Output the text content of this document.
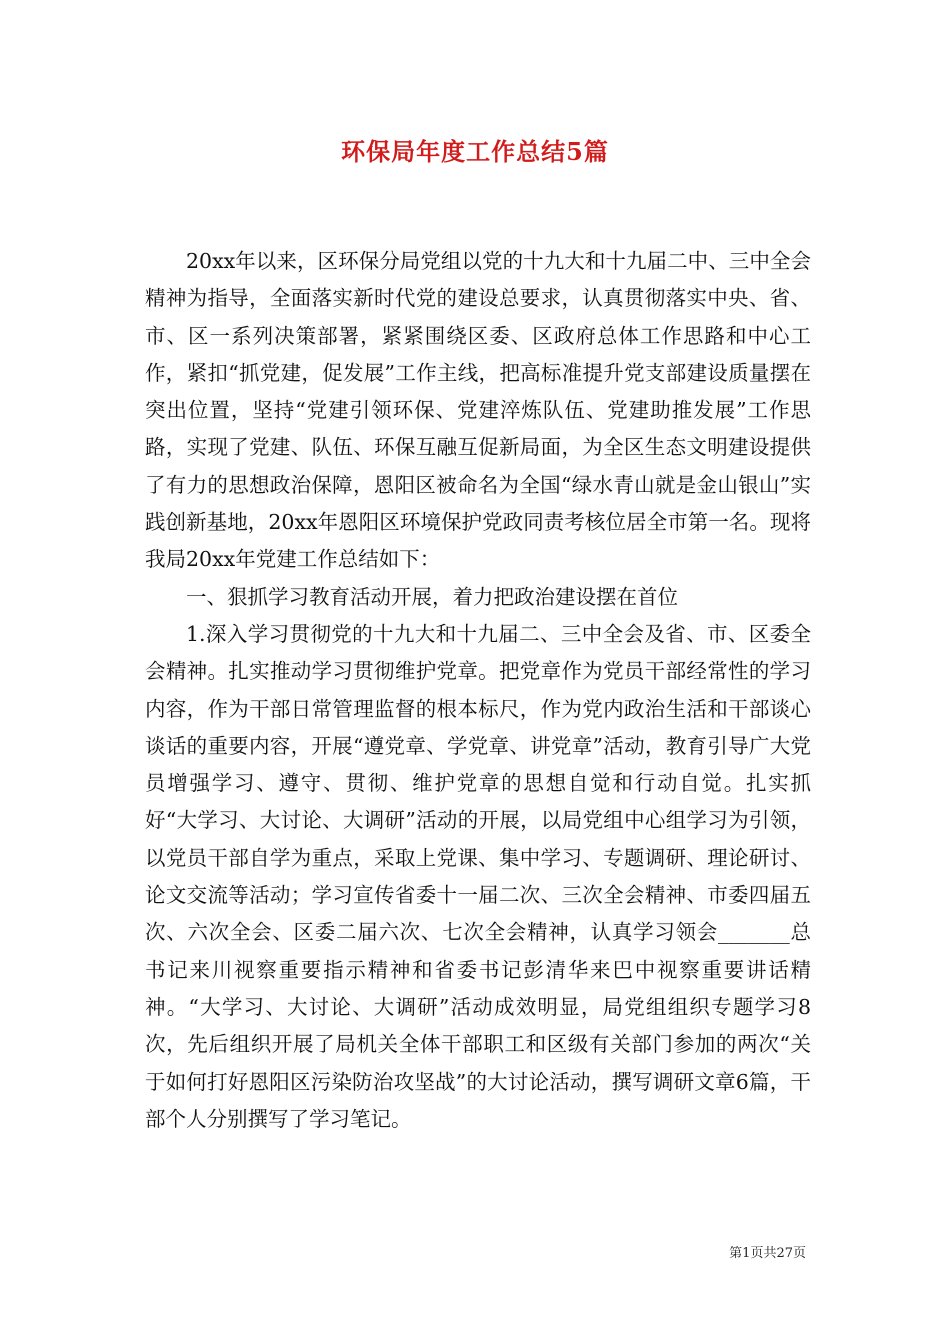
环保局年度工作总结5篇

20xx年以来，区环保分局党组以党的十九大和十九届二中、三中全会精神为指导，全面落实新时代党的建设总要求，认真贯彻落实中央、省、市、区一系列决策部署，紧紧围绕区委、区政府总体工作思路和中心工作，紧扣“抓党建，促发展”工作主线，把高标准提升党支部建设质量摆在突出位置，坚持“党建引领环保、党建淬炼队伍、党建助推发展”工作思路，实现了党建、队伍、环保互融互促新局面，为全区生态文明建设提供了有力的思想政治保障，恩阳区被命名为全国“绿水青山就是金山银山”实践创新基地，20xx年恩阳区环境保护党政同责考核位居全市第一名。现将我局20xx年党建工作总结如下：

一、狠抓学习教育活动开展，着力把政治建设摆在首位

1.深入学习贯彻党的十九大和十九届二、三中全会及省、市、区委全会精神。扎实推动学习贯彻维护党章。把党章作为党员干部经常性的学习内容，作为干部日常管理监督的根本标尺，作为党内政治生活和干部谈心谈话的重要内容，开展“遵党章、学党章、讲党章”活动，教育引导广大党员增强学习、遵守、贯彻、维护党章的思想自觉和行动自觉。扎实抓好“大学习、大讨论、大调研”活动的开展，以局党组中心组学习为引领，以党员干部自学为重点，采取上党课、集中学习、专题调研、理论研讨、论文交流等活动；学习宣传省委十一届二次、三次全会精神、市委四届五次、六次全会、区委二届六次、七次全会精神，认真学习领会_______总书记来川视察重要指示精神和省委书记彭清华来巴中视察重要讲话精神。“大学习、大讨论、大调研”活动成效明显，局党组组织专题学习8次，先后组织开展了局机关全体干部职工和区级有关部门参加的两次“关于如何打好恩阳区污染防治攻坚战”的大讨论活动，撰写调研文章6篇，干部个人分别撰写了学习笔记。

第1页共27页
